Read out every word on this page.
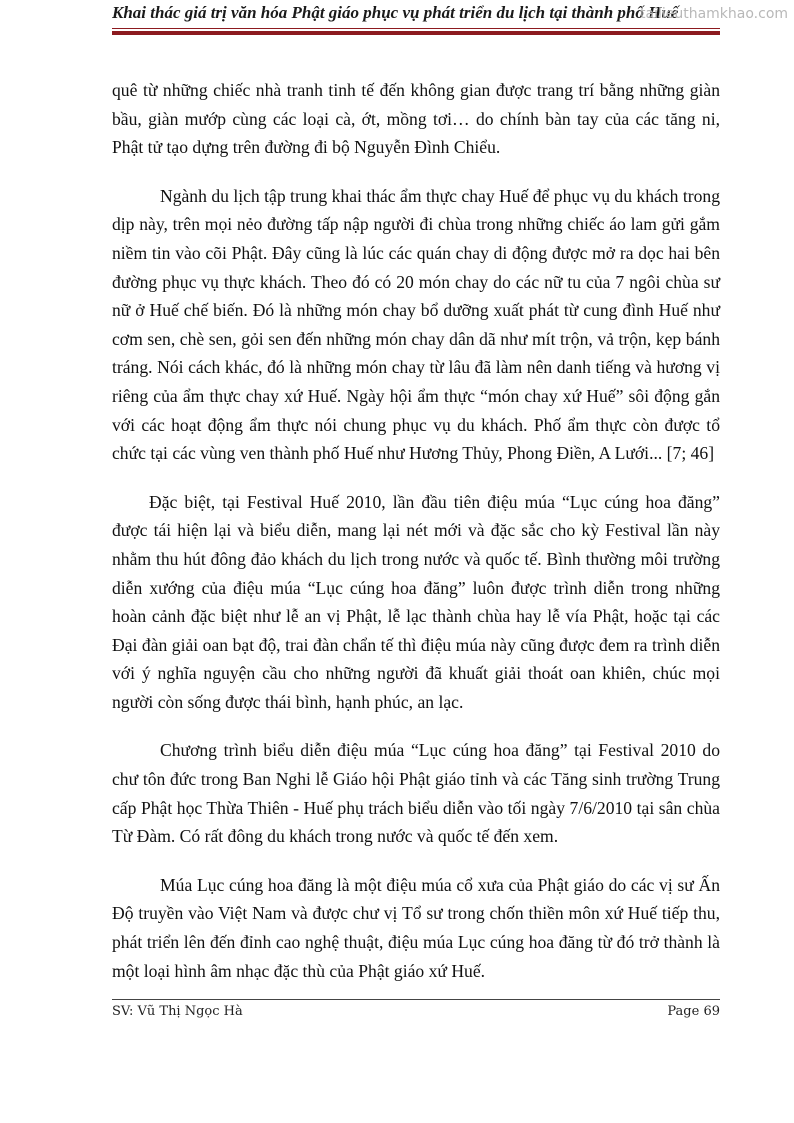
Khai thác giá trị văn hóa Phật giáo phục vụ phát triển du lịch tại thành phố Huế
tailieuthamkhao.com

quê từ những chiếc nhà tranh tinh tế đến không gian được trang trí bằng những giàn bầu, giàn mướp cùng các loại cà, ớt, mồng tơi… do chính bàn tay của các tăng ni, Phật tử tạo dựng trên đường đi bộ Nguyễn Đình Chiểu.

Ngành du lịch tập trung khai thác ẩm thực chay Huế để phục vụ du khách trong dịp này, trên mọi nẻo đường tấp nập người đi chùa trong những chiếc áo lam gửi gắm niềm tin vào cõi Phật. Đây cũng là lúc các quán chay di động được mở ra dọc hai bên đường phục vụ thực khách. Theo đó có 20 món chay do các nữ tu của 7 ngôi chùa sư nữ ở Huế chế biến. Đó là những món chay bổ dưỡng xuất phát từ cung đình Huế như cơm sen, chè sen, gỏi sen đến những món chay dân dã như mít trộn, vả trộn, kẹp bánh tráng. Nói cách khác, đó là những món chay từ lâu đã làm nên danh tiếng và hương vị riêng của ẩm thực chay xứ Huế. Ngày hội ẩm thực “món chay xứ Huế” sôi động gắn với các hoạt động ẩm thực nói chung phục vụ du khách. Phố ẩm thực còn được tổ chức tại các vùng ven thành phố Huế như Hương Thủy, Phong Điền, A Lưới... [7; 46]

Đặc biệt, tại Festival Huế 2010, lần đầu tiên điệu múa “Lục cúng hoa đăng” được tái hiện lại và biểu diễn, mang lại nét mới và đặc sắc cho kỳ Festival lần này nhằm thu hút đông đảo khách du lịch trong nước và quốc tế. Bình thường môi trường diễn xướng của điệu múa “Lục cúng hoa đăng” luôn được trình diễn trong những hoàn cảnh đặc biệt như lễ an vị Phật, lễ lạc thành chùa hay lễ vía Phật, hoặc tại các Đại đàn giải oan bạt độ, trai đàn chẩn tế thì điệu múa này cũng được đem ra trình diễn với ý nghĩa nguyện cầu cho những người đã khuất giải thoát oan khiên, chúc mọi người còn sống được thái bình, hạnh phúc, an lạc.

Chương trình biểu diễn điệu múa “Lục cúng hoa đăng” tại Festival 2010 do chư tôn đức trong Ban Nghi lễ Giáo hội Phật giáo tỉnh và các Tăng sinh trường Trung cấp Phật học Thừa Thiên - Huế phụ trách biểu diễn vào tối ngày 7/6/2010 tại sân chùa Từ Đàm. Có rất đông du khách trong nước và quốc tế đến xem.

Múa Lục cúng hoa đăng là một điệu múa cổ xưa của Phật giáo do các vị sư Ấn Độ truyền vào Việt Nam và được chư vị Tổ sư trong chốn thiền môn xứ Huế tiếp thu, phát triển lên đến đỉnh cao nghệ thuật, điệu múa Lục cúng hoa đăng từ đó trở thành là một loại hình âm nhạc đặc thù của Phật giáo xứ Huế.

SV: Vũ Thị Ngọc Hà	Page 69
